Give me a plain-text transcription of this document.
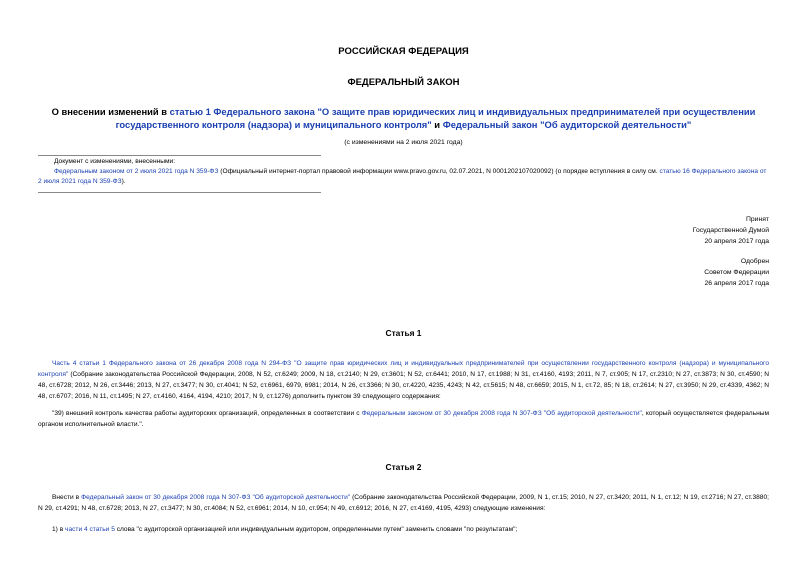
РОССИЙСКАЯ ФЕДЕРАЦИЯ
ФЕДЕРАЛЬНЫЙ ЗАКОН
О внесении изменений в статью 1 Федерального закона "О защите прав юридических лиц и индивидуальных предпринимателей при осуществлении государственного контроля (надзора) и муниципального контроля" и Федеральный закон "Об аудиторской деятельности"
(с изменениями на 2 июля 2021 года)
Документ с изменениями, внесенными:
Федеральным законом от 2 июля 2021 года N 359-ФЗ (Официальный интернет-портал правовой информации www.pravo.gov.ru, 02.07.2021, N 0001202107020092) (о порядке вступления в силу см. статью 16 Федерального закона от 2 июля 2021 года N 359-ФЗ).
Принят
Государственной Думой
20 апреля 2017 года
Одобрен
Советом Федерации
26 апреля 2017 года
Статья 1
Часть 4 статьи 1 Федерального закона от 26 декабря 2008 года N 294-ФЗ "О защите прав юридических лиц и индивидуальных предпринимателей при осуществлении государственного контроля (надзора) и муниципального контроля" (Собрание законодательства Российской Федерации, 2008, N 52, ст.6249; 2009, N 18, ст.2140; N 29, ст.3601; N 52, ст.6441; 2010, N 17, ст.1988; N 31, ст.4160, 4193; 2011, N 7, ст.905; N 17, ст.2310; N 27, ст.3873; N 30, ст.4590; N 48, ст.6728; 2012, N 26, ст.3446; 2013, N 27, ст.3477; N 30, ст.4041; N 52, ст.6961, 6979, 6981; 2014, N 26, ст.3366; N 30, ст.4220, 4235, 4243; N 42, ст.5615; N 48, ст.6659; 2015, N 1, ст.72, 85; N 18, ст.2614; N 27, ст.3950; N 29, ст.4339, 4362; N 48, ст.6707; 2016, N 11, ст.1495; N 27, ст.4160, 4164, 4194, 4210; 2017, N 9, ст.1276) дополнить пунктом 39 следующего содержания:
"39) внешний контроль качества работы аудиторских организаций, определенных в соответствии с Федеральным законом от 30 декабря 2008 года N 307-ФЗ "Об аудиторской деятельности", который осуществляется федеральным органом исполнительной власти.".
Статья 2
Внести в Федеральный закон от 30 декабря 2008 года N 307-ФЗ "Об аудиторской деятельности" (Собрание законодательства Российской Федерации, 2009, N 1, ст.15; 2010, N 27, ст.3420; 2011, N 1, ст.12; N 19, ст.2716; N 27, ст.3880; N 29, ст.4291; N 48, ст.6728; 2013, N 27, ст.3477; N 30, ст.4084; N 52, ст.6961; 2014, N 10, ст.954; N 49, ст.6912; 2016, N 27, ст.4169, 4195, 4293) следующие изменения:
1) в части 4 статьи 5 слова "с аудиторской организацией или индивидуальным аудитором, определенными путем" заменить словами "по результатам";
